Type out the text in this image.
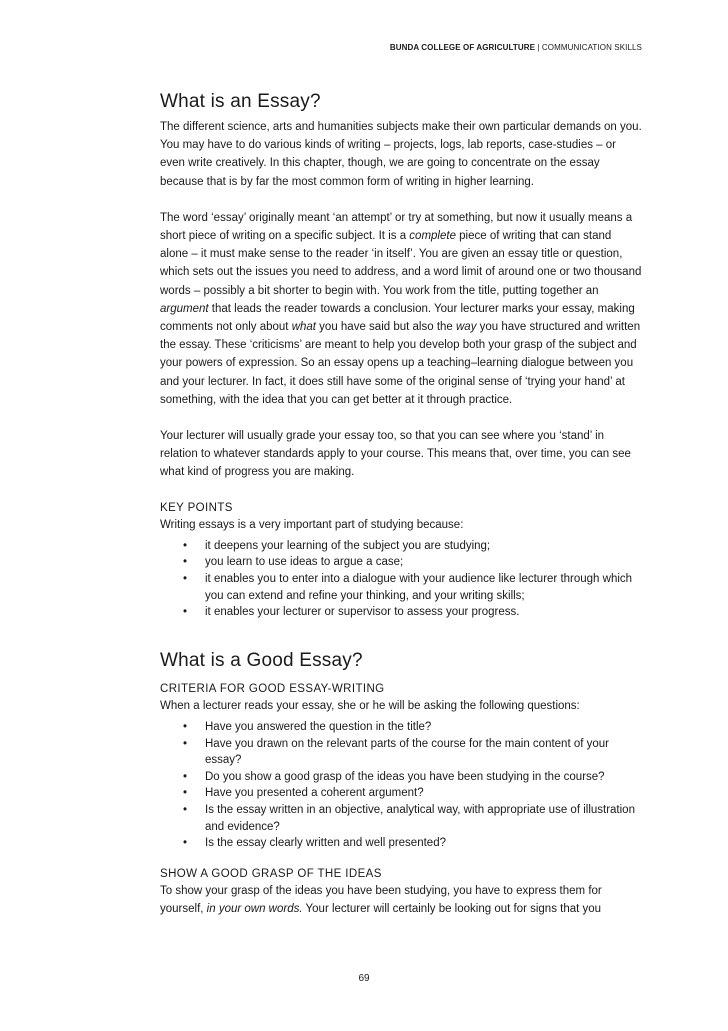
BUNDA COLLEGE OF AGRICULTURE | COMMUNICATION SKILLS
What is an Essay?

The different science, arts and humanities subjects make their own particular demands on you. You may have to do various kinds of writing – projects, logs, lab reports, case-studies – or even write creatively. In this chapter, though, we are going to concentrate on the essay because that is by far the most common form of writing in higher learning.

The word ‘essay’ originally meant ‘an attempt’ or try at something, but now it usually means a short piece of writing on a specific subject. It is a complete piece of writing that can stand alone – it must make sense to the reader ‘in itself’. You are given an essay title or question, which sets out the issues you need to address, and a word limit of around one or two thousand words – possibly a bit shorter to begin with. You work from the title, putting together an argument that leads the reader towards a conclusion. Your lecturer marks your essay, making comments not only about what you have said but also the way you have structured and written the essay. These ‘criticisms’ are meant to help you develop both your grasp of the subject and your powers of expression. So an essay opens up a teaching–learning dialogue between you and your lecturer. In fact, it does still have some of the original sense of ‘trying your hand’ at something, with the idea that you can get better at it through practice.

Your lecturer will usually grade your essay too, so that you can see where you ‘stand’ in relation to whatever standards apply to your course. This means that, over time, you can see what kind of progress you are making.

KEY POINTS

Writing essays is a very important part of studying because:

• it deepens your learning of the subject you are studying;
• you learn to use ideas to argue a case;
• it enables you to enter into a dialogue with your audience like lecturer through which you can extend and refine your thinking, and your writing skills;
• it enables your lecturer or supervisor to assess your progress.
What is a Good Essay?
CRITERIA FOR GOOD ESSAY-WRITING

When a lecturer reads your essay, she or he will be asking the following questions:

• Have you answered the question in the title?
• Have you drawn on the relevant parts of the course for the main content of your essay?
• Do you show a good grasp of the ideas you have been studying in the course?
• Have you presented a coherent argument?
• Is the essay written in an objective, analytical way, with appropriate use of illustration and evidence?
• Is the essay clearly written and well presented?
SHOW A GOOD GRASP OF THE IDEAS

To show your grasp of the ideas you have been studying, you have to express them for yourself, in your own words. Your lecturer will certainly be looking out for signs that you

69
